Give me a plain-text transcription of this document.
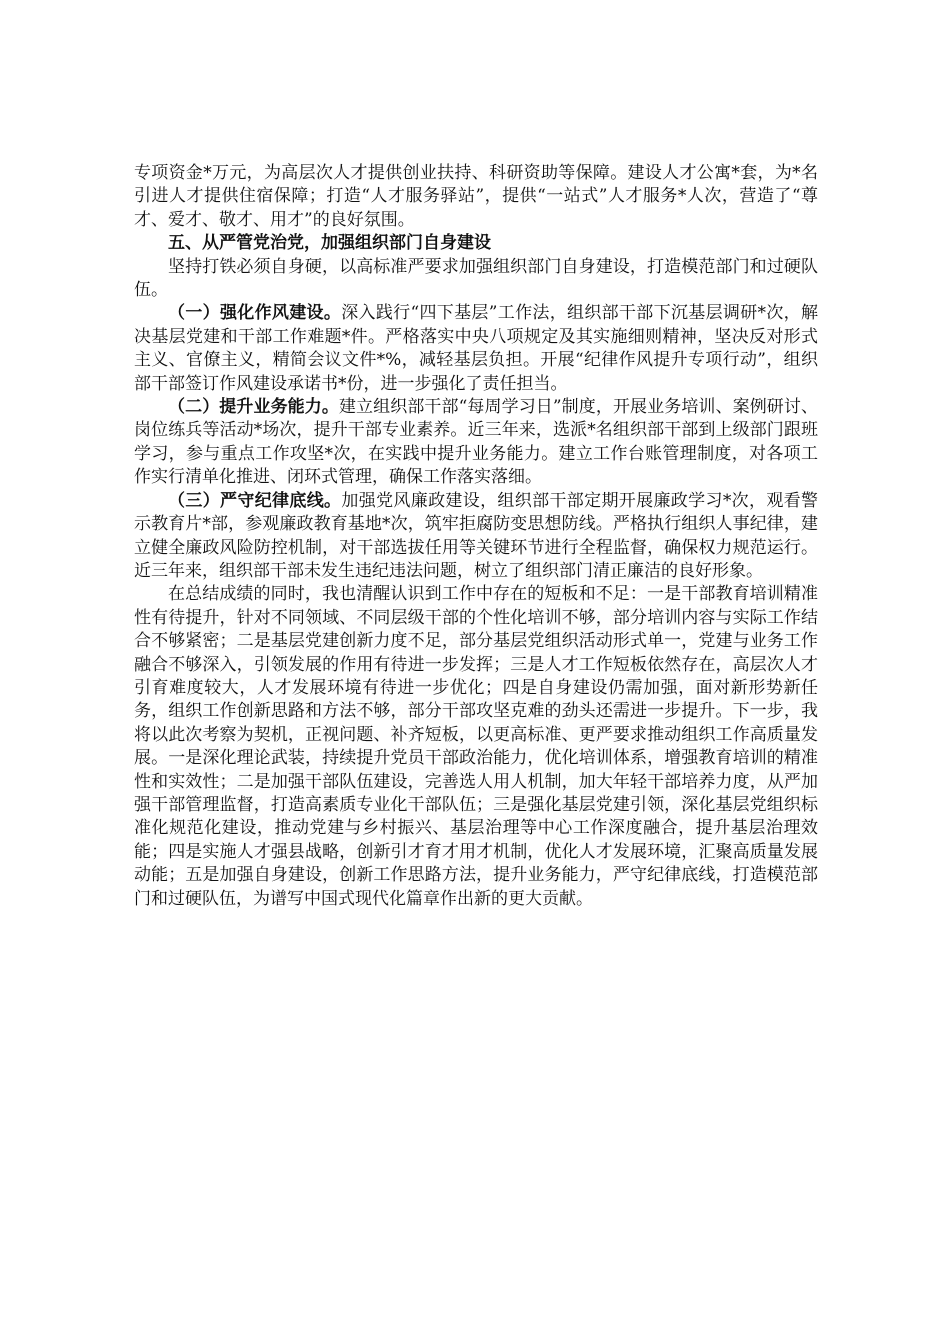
专项资金*万元，为高层次人才提供创业扶持、科研资助等保障。建设人才公寓*套，为*名引进人才提供住宿保障；打造“人才服务驿站”，提供“一站式”人才服务*人次，营造了“尊才、爱才、敬才、用才”的良好氛围。

五、从严管党治党，加强组织部门自身建设

坚持打铁必须自身硬，以高标准严要求加强组织部门自身建设，打造模范部门和过硬队伍。

（一）强化作风建设。深入践行“四下基层”工作法，组织部干部下沉基层调研*次，解决基层党建和干部工作难题*件。严格落实中央八项规定及其实施细则精神，坚决反对形式主义、官僚主义，精简会议文件*%，减轻基层负担。开展“纪律作风提升专项行动”，组织部干部签订作风建设承诺书*份，进一步强化了责任担当。

（二）提升业务能力。建立组织部干部“每周学习日”制度，开展业务培训、案例研讨、岗位练兵等活动*场次，提升干部专业素养。近三年来，选派*名组织部干部到上级部门跟班学习，参与重点工作攻坚*次，在实践中提升业务能力。建立工作台账管理制度，对各项工作实行清单化推进、闭环式管理，确保工作落实落细。

（三）严守纪律底线。加强党风廉政建设，组织部干部定期开展廉政学习*次，观看警示教育片*部，参观廉政教育基地*次，筑牢拒腐防变思想防线。严格执行组织人事纪律，建立健全廉政风险防控机制，对干部选拔任用等关键环节进行全程监督，确保权力规范运行。近三年来，组织部干部未发生违纪违法问题，树立了组织部门清正廉洁的良好形象。

在总结成绩的同时，我也清醒认识到工作中存在的短板和不足：一是干部教育培训精准性有待提升，针对不同领域、不同层级干部的个性化培训不够，部分培训内容与实际工作结合不够紧密；二是基层党建创新力度不足，部分基层党组织活动形式单一，党建与业务工作融合不够深入，引领发展的作用有待进一步发挥；三是人才工作短板依然存在，高层次人才引育难度较大，人才发展环境有待进一步优化；四是自身建设仍需加强，面对新形势新任务，组织工作创新思路和方法不够，部分干部攻坚克难的劲头还需进一步提升。下一步，我将以此次考察为契机，正视问题、补齐短板，以更高标准、更严要求推动组织工作高质量发展。一是深化理论武装，持续提升党员干部政治能力，优化培训体系，增强教育培训的精准性和实效性；二是加强干部队伍建设，完善选人用人机制，加大年轻干部培养力度，从严加强干部管理监督，打造高素质专业化干部队伍；三是强化基层党建引领，深化基层党组织标准化规范化建设，推动党建与乡村振兴、基层治理等中心工作深度融合，提升基层治理效能；四是实施人才强县战略，创新引才育才用才机制，优化人才发展环境，汇聚高质量发展动能；五是加强自身建设，创新工作思路方法，提升业务能力，严守纪律底线，打造模范部门和过硬队伍，为谱写中国式现代化篇章作出新的更大贡献。
